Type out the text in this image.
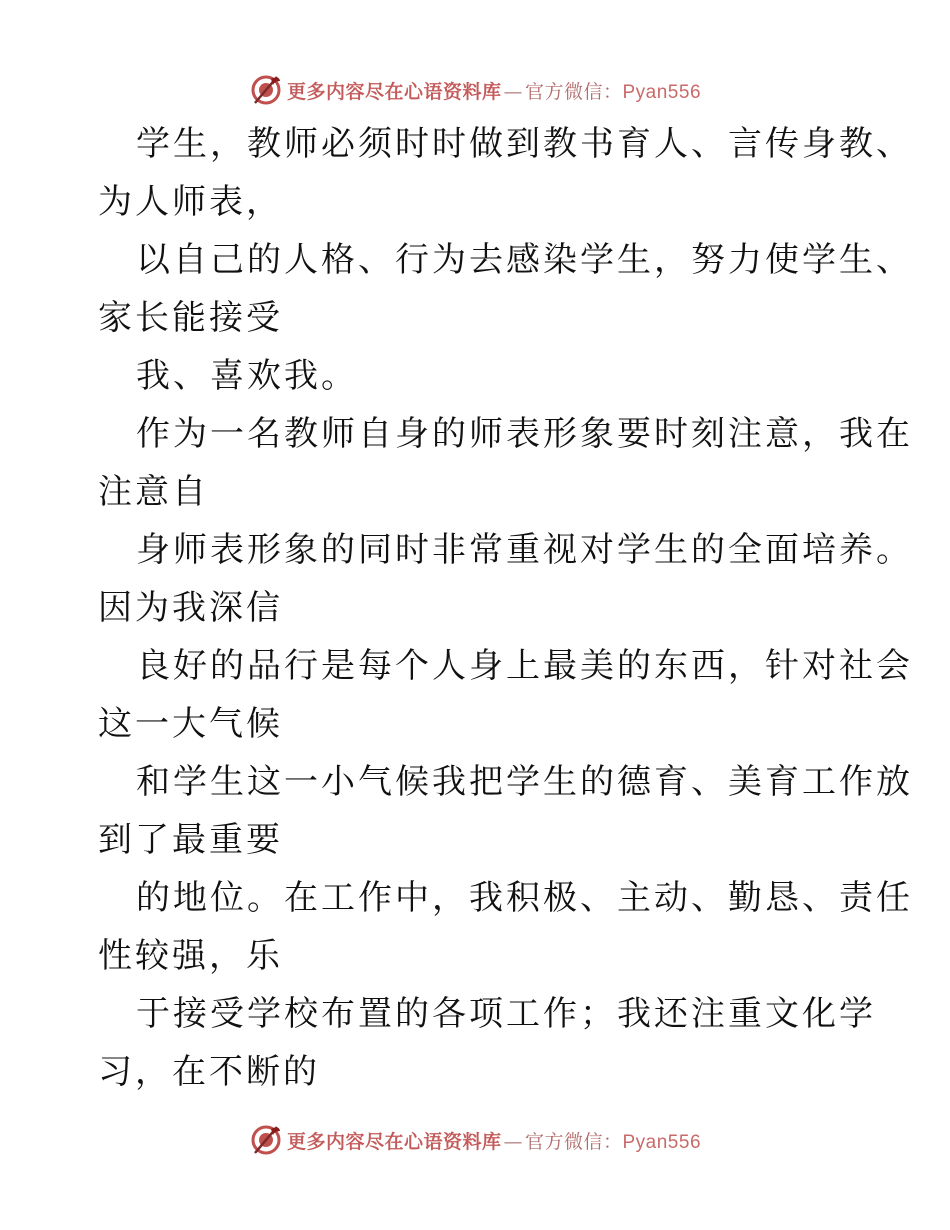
更多内容尽在心语资料库 — 官方微信：Pyan556
学生，教师必须时时做到教书育人、言传身教、
为人师表，
以自己的人格、行为去感染学生，努力使学生、
家长能接受
我、喜欢我。
作为一名教师自身的师表形象要时刻注意，我在
注意自
身师表形象的同时非常重视对学生的全面培养。
因为我深信
良好的品行是每个人身上最美的东西，针对社会
这一大气候
和学生这一小气候我把学生的德育、美育工作放
到了最重要
的地位。在工作中，我积极、主动、勤恳、责任
性较强，乐
于接受学校布置的各项工作；我还注重文化学
习，在不断的
更多内容尽在心语资料库 — 官方微信：Pyan556
